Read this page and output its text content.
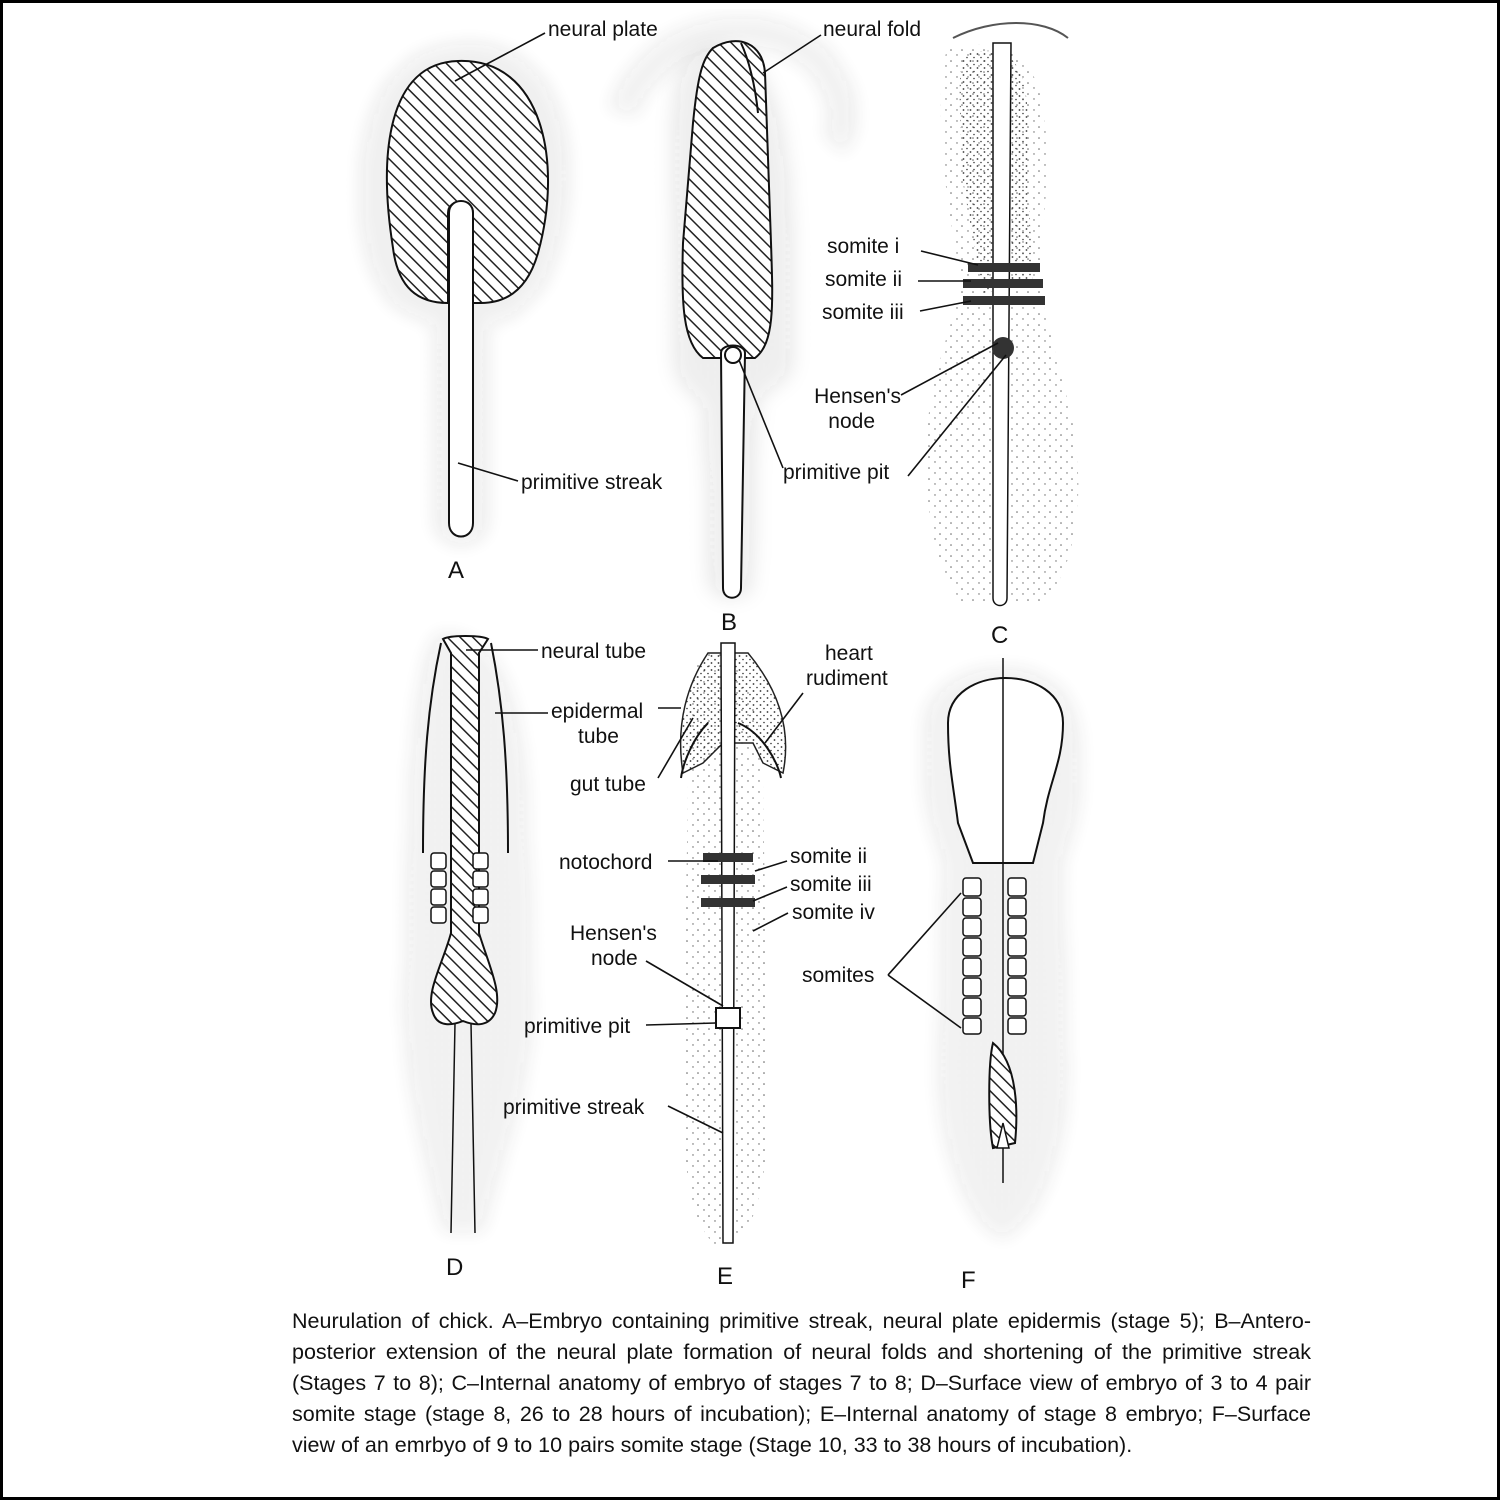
neural plate
primitive streak
A
neural fold
B
somite i
somite ii
somite iii
Hensen's
node
primitive pit
C
neural tube
epidermal
tube
D
heart
rudiment
gut tube
notochord	somite ii
somite iii
somite iv
Hensen's
node
primitive pit
primitive streak
E
somites
F

Neurulation of chick. A–Embryo containing primitive streak, neural plate epidermis (stage 5); B–Antero-posterior extension of the neural plate formation of neural folds and shortening of the primitive streak (Stages 7 to 8); C–Internal anatomy of embryo of stages 7 to 8; D–Surface view of embryo of 3 to 4 pair somite stage (stage 8, 26 to 28 hours of incubation); E–Internal anatomy of stage 8 embryo; F–Surface view of an emrbyo of 9 to 10 pairs somite stage (Stage 10, 33 to 38 hours of incubation).
